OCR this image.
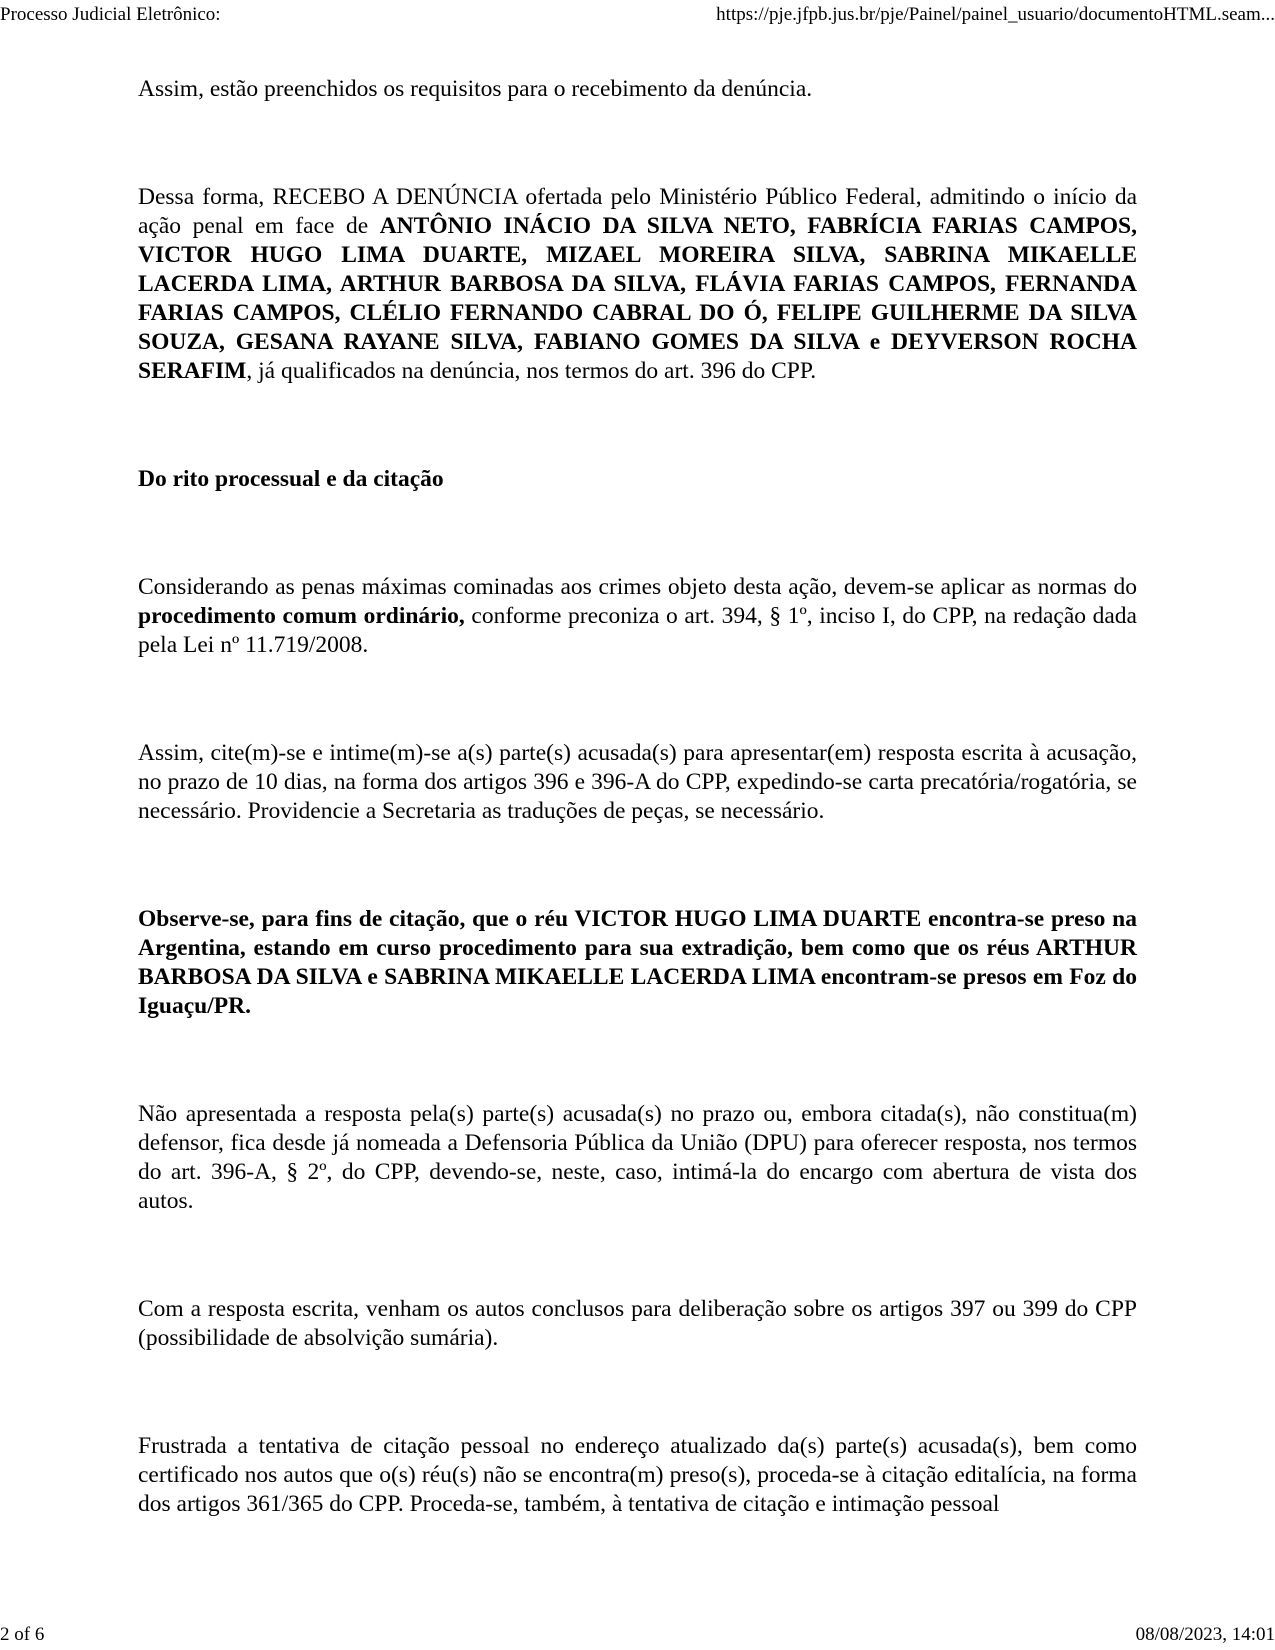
Processo Judicial Eletrônico:	https://pje.jfpb.jus.br/pje/Painel/painel_usuario/documentoHTML.seam...

Assim, estão preenchidos os requisitos para o recebimento da denúncia.

Dessa forma, RECEBO A DENÚNCIA ofertada pelo Ministério Público Federal, admitindo o início da ação penal em face de ANTÔNIO INÁCIO DA SILVA NETO, FABRÍCIA FARIAS CAMPOS, VICTOR HUGO LIMA DUARTE, MIZAEL MOREIRA SILVA, SABRINA MIKAELLE LACERDA LIMA, ARTHUR BARBOSA DA SILVA, FLÁVIA FARIAS CAMPOS, FERNANDA FARIAS CAMPOS, CLÉLIO FERNANDO CABRAL DO Ó, FELIPE GUILHERME DA SILVA SOUZA, GESANA RAYANE SILVA, FABIANO GOMES DA SILVA e DEYVERSON ROCHA SERAFIM, já qualificados na denúncia, nos termos do art. 396 do CPP.

Do rito processual e da citação

Considerando as penas máximas cominadas aos crimes objeto desta ação, devem-se aplicar as normas do procedimento comum ordinário, conforme preconiza o art. 394, § 1º, inciso I, do CPP, na redação dada pela Lei nº 11.719/2008.

Assim, cite(m)-se e intime(m)-se a(s) parte(s) acusada(s) para apresentar(em) resposta escrita à acusação, no prazo de 10 dias, na forma dos artigos 396 e 396-A do CPP, expedindo-se carta precatória/rogatória, se necessário. Providencie a Secretaria as traduções de peças, se necessário.

Observe-se, para fins de citação, que o réu VICTOR HUGO LIMA DUARTE encontra-se preso na Argentina, estando em curso procedimento para sua extradição, bem como que os réus ARTHUR BARBOSA DA SILVA e SABRINA MIKAELLE LACERDA LIMA encontram-se presos em Foz do Iguaçu/PR.

Não apresentada a resposta pela(s) parte(s) acusada(s) no prazo ou, embora citada(s), não constitua(m) defensor, fica desde já nomeada a Defensoria Pública da União (DPU) para oferecer resposta, nos termos do art. 396-A, § 2º, do CPP, devendo-se, neste, caso, intimá-la do encargo com abertura de vista dos autos.

Com a resposta escrita, venham os autos conclusos para deliberação sobre os artigos 397 ou 399 do CPP (possibilidade de absolvição sumária).

Frustrada a tentativa de citação pessoal no endereço atualizado da(s) parte(s) acusada(s), bem como certificado nos autos que o(s) réu(s) não se encontra(m) preso(s), proceda-se à citação editalícia, na forma dos artigos 361/365 do CPP. Proceda-se, também, à tentativa de citação e intimação pessoal

2 of 6	08/08/2023, 14:01
